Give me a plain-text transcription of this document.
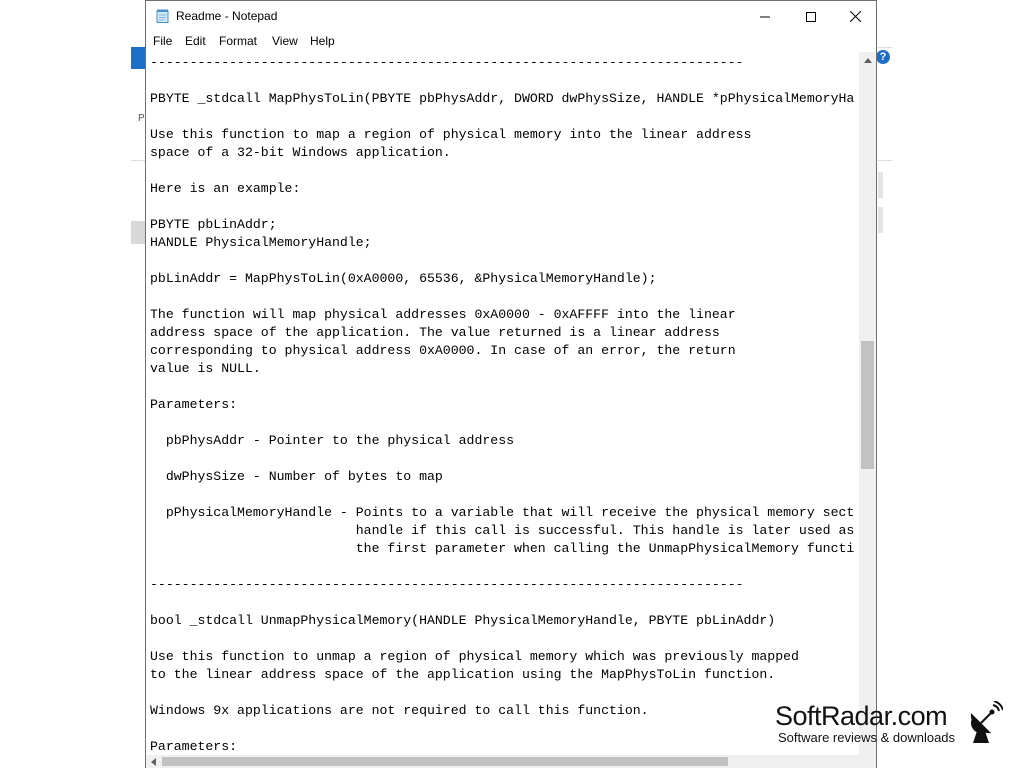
?
P
Readme - Notepad
File Edit Format View Help
---------------------------------------------------------------------------

PBYTE _stdcall MapPhysToLin(PBYTE pbPhysAddr, DWORD dwPhysSize, HANDLE *pPhysicalMemoryHa

Use this function to map a region of physical memory into the linear address
space of a 32-bit Windows application.

Here is an example:

PBYTE pbLinAddr;
HANDLE PhysicalMemoryHandle;

pbLinAddr = MapPhysToLin(0xA0000, 65536, &PhysicalMemoryHandle);

The function will map physical addresses 0xA0000 - 0xAFFFF into the linear
address space of the application. The value returned is a linear address
corresponding to physical address 0xA0000. In case of an error, the return
value is NULL.

Parameters:

pbPhysAddr - Pointer to the physical address

dwPhysSize - Number of bytes to map

pPhysicalMemoryHandle - Points to a variable that will receive the physical memory sect
handle if this call is successful. This handle is later used as
the first parameter when calling the UnmapPhysicalMemory functi

---------------------------------------------------------------------------

bool _stdcall UnmapPhysicalMemory(HANDLE PhysicalMemoryHandle, PBYTE pbLinAddr)

Use this function to unmap a region of physical memory which was previously mapped
to the linear address space of the application using the MapPhysToLin function.

Windows 9x applications are not required to call this function.

Parameters:
SoftRadar.com
Software reviews & downloads
